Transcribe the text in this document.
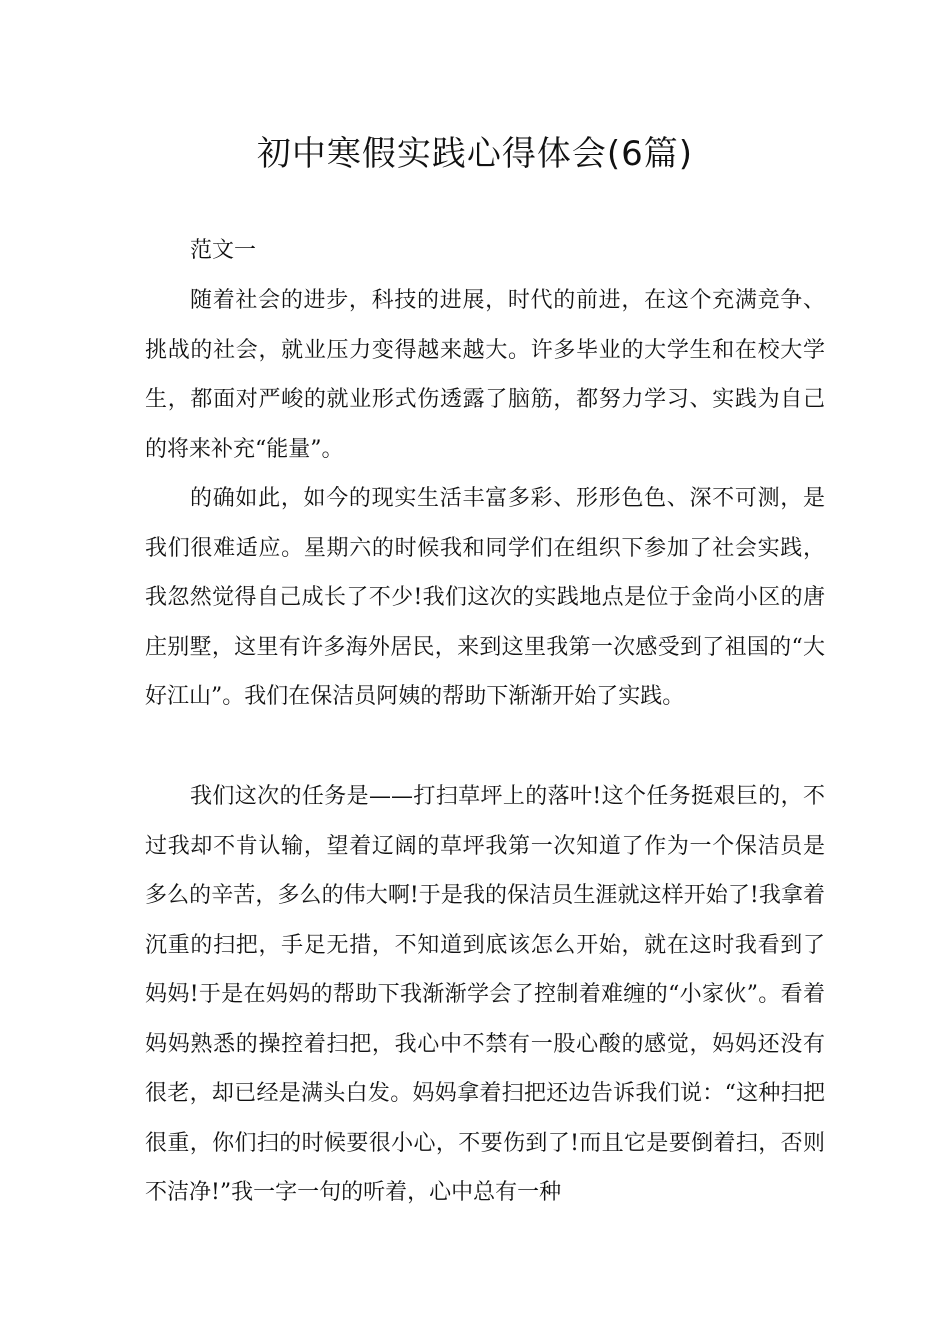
初中寒假实践心得体会(6篇)

范文一

随着社会的进步，科技的进展，时代的前进，在这个充满竞争、挑战的社会，就业压力变得越来越大。许多毕业的大学生和在校大学生，都面对严峻的就业形式伤透露了脑筋，都努力学习、实践为自己的将来补充“能量”。

的确如此，如今的现实生活丰富多彩、形形色色、深不可测，是我们很难适应。星期六的时候我和同学们在组织下参加了社会实践，我忽然觉得自己成长了不少!我们这次的实践地点是位于金尚小区的唐庄别墅，这里有许多海外居民，来到这里我第一次感受到了祖国的“大好江山”。我们在保洁员阿姨的帮助下渐渐开始了实践。

我们这次的任务是——打扫草坪上的落叶!这个任务挺艰巨的，不过我却不肯认输，望着辽阔的草坪我第一次知道了作为一个保洁员是多么的辛苦，多么的伟大啊!于是我的保洁员生涯就这样开始了!我拿着沉重的扫把，手足无措，不知道到底该怎么开始，就在这时我看到了妈妈!于是在妈妈的帮助下我渐渐学会了控制着难缠的“小家伙”。看着妈妈熟悉的操控着扫把，我心中不禁有一股心酸的感觉，妈妈还没有很老，却已经是满头白发。妈妈拿着扫把还边告诉我们说：“这种扫把很重，你们扫的时候要很小心，不要伤到了!而且它是要倒着扫，否则不洁净!”我一字一句的听着，心中总有一种
